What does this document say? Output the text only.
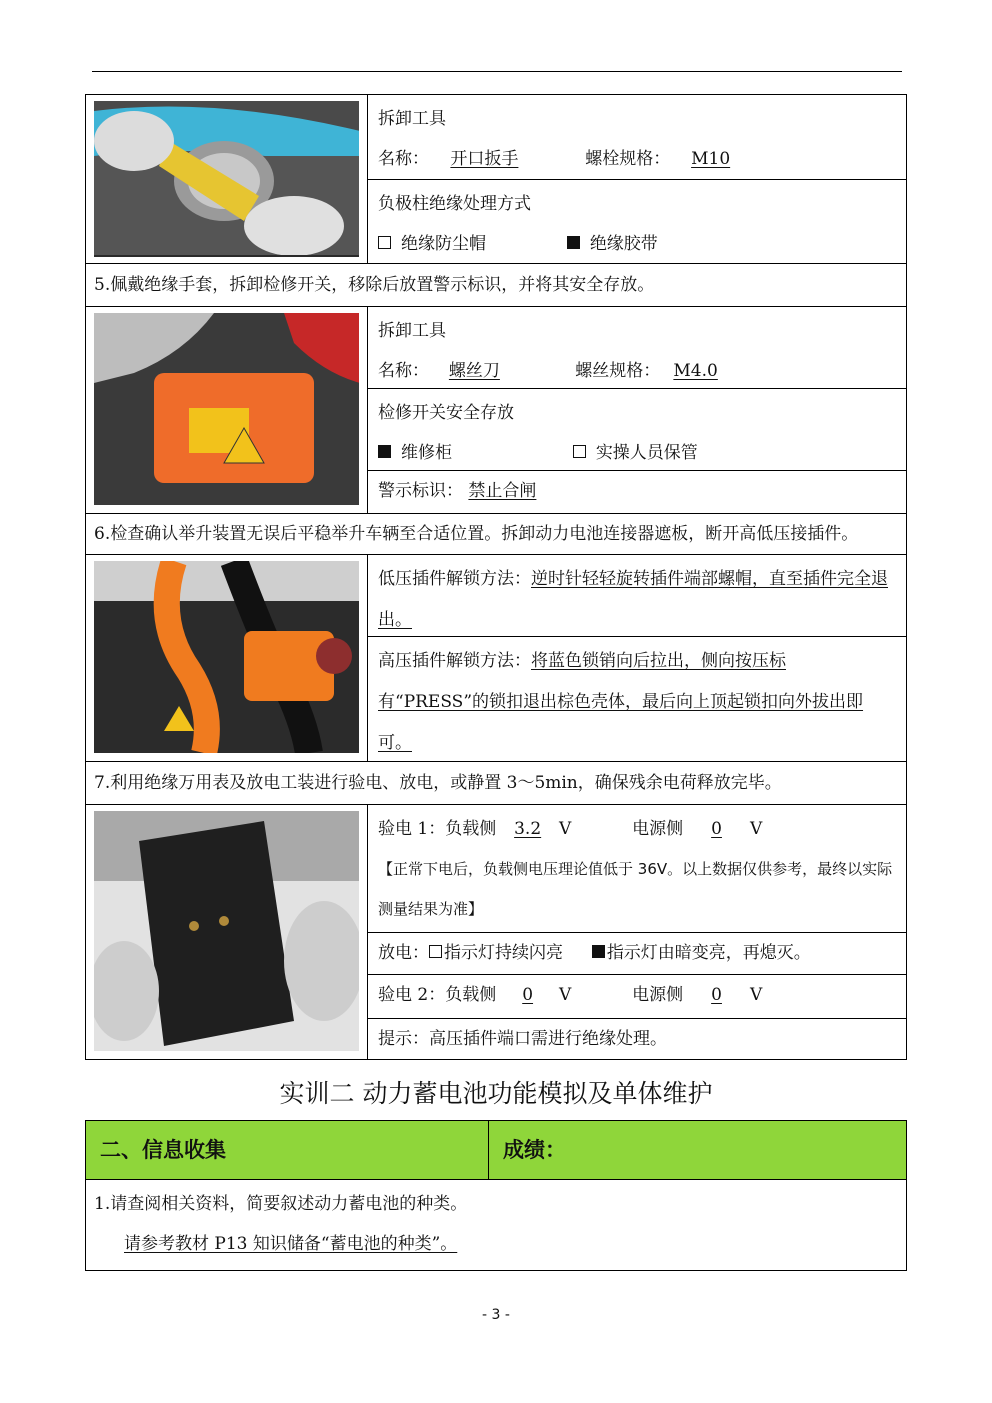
拆卸工具
名称： 开口扳手	螺栓规格： M10
负极柱绝缘处理方式
绝缘防尘帽	绝缘胶带
5.佩戴绝缘手套，拆卸检修开关，移除后放置警示标识，并将其安全存放。
拆卸工具
名称： 螺丝刀	螺丝规格： M4.0
检修开关安全存放
维修柜	实操人员保管
警示标识： 禁止合闸
6.检查确认举升装置无误后平稳举升车辆至合适位置。拆卸动力电池连接器遮板，断开高低压接插件。
低压插件解锁方法：逆时针轻轻旋转插件端部螺帽，直至插件完全退出。
高压插件解锁方法：将蓝色锁销向后拉出，侧向按压标有“PRESS”的锁扣退出棕色壳体，最后向上顶起锁扣向外拔出即可。
7.利用绝缘万用表及放电工装进行验电、放电，或静置 3～5min，确保残余电荷释放完毕。
验电 1：负载侧 3.2 V	电源侧 0 V
【正常下电后，负载侧电压理论值低于 36V。以上数据仅供参考，最终以实际测量结果为准】
放电： 指示灯持续闪亮	指示灯由暗变亮，再熄灭。
验电 2：负载侧 0 V	电源侧 0 V
提示：高压插件端口需进行绝缘处理。
实训二 动力蓄电池功能模拟及单体维护
二、信息收集	成绩：
1.请查阅相关资料，简要叙述动力蓄电池的种类。
请参考教材 P13 知识储备“蓄电池的种类”。
- 3 -
